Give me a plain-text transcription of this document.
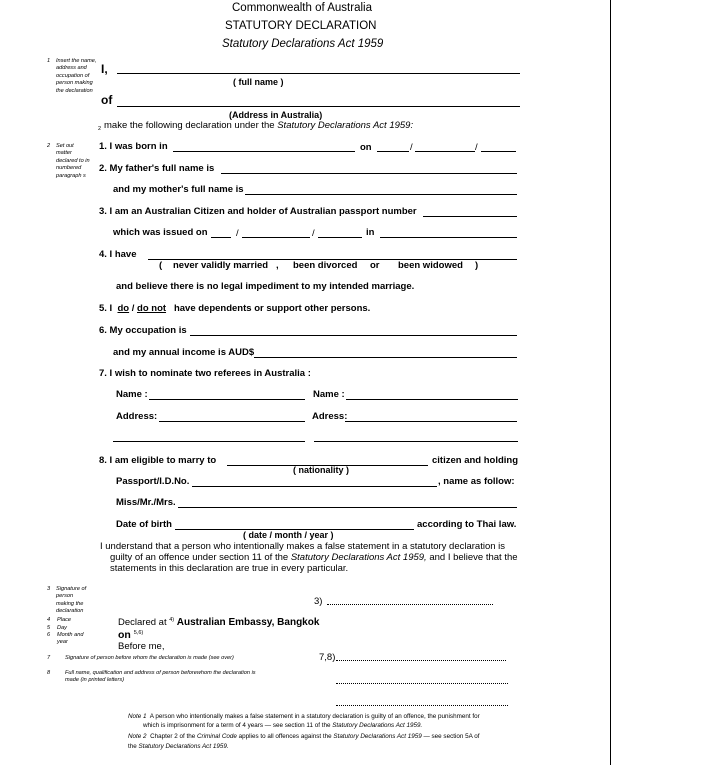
Commonwealth of Australia
STATUTORY DECLARATION
Statutory Declarations Act 1959
1 Insert the name, address and occupation of person making the declaration
I,
( full name )
of
(Address in Australia)
make the following declaration under the Statutory Declarations Act 1959:
2
2 Set out matter declared to in numbered paragraph s
1. I was born in	on	/	/
2. My father's full name is
and my mother's full name is
3. I am an Australian Citizen and holder of Australian passport number
which was issued on	/	/	in
4. I have
( never validly married , been divorced or been widowed )
and believe there is no legal impediment to my intended marriage.
5. I do / do not have dependents or support other persons.
6. My occupation is
and my annual income is AUD$
7. I wish to nominate two referees in Australia :
Name :	Name :
Address:	Adress:
8. I am eligible to marry to	citizen and holding
( nationality )
Passport/I.D.No.	, name as follow:
Miss/Mr./Mrs.
Date of birth	according to Thai law.
( date / month / year )
I understand that a person who intentionally makes a false statement in a statutory declaration is
guilty of an offence under section 11 of the Statutory Declarations Act 1959, and I believe that the
statements in this declaration are true in every particular.
3 Signature of person making the declaration
3)
4 Place
5 Day
6 Month and year
Declared at $^{4)}$ Australian Embassy, Bangkok
on $^{5,6)}$
Before me,
7	Signature of person before whom the declaration is made (see over)	7,8)
8	Full name, qualification and address of person beforewhom the declaration is made (in printed letters)
Note 1 A person who intentionally makes a false statement in a statutory declaration is guilty of an offence, the punishment for
which is imprisonment for a term of 4 years — see section 11 of the Statutory Declarations Act 1959.
Note 2 Chapter 2 of the Criminal Code applies to all offences against the Statutory Declarations Act 1959 — see section 5A of
the Statutory Declarations Act 1959.
